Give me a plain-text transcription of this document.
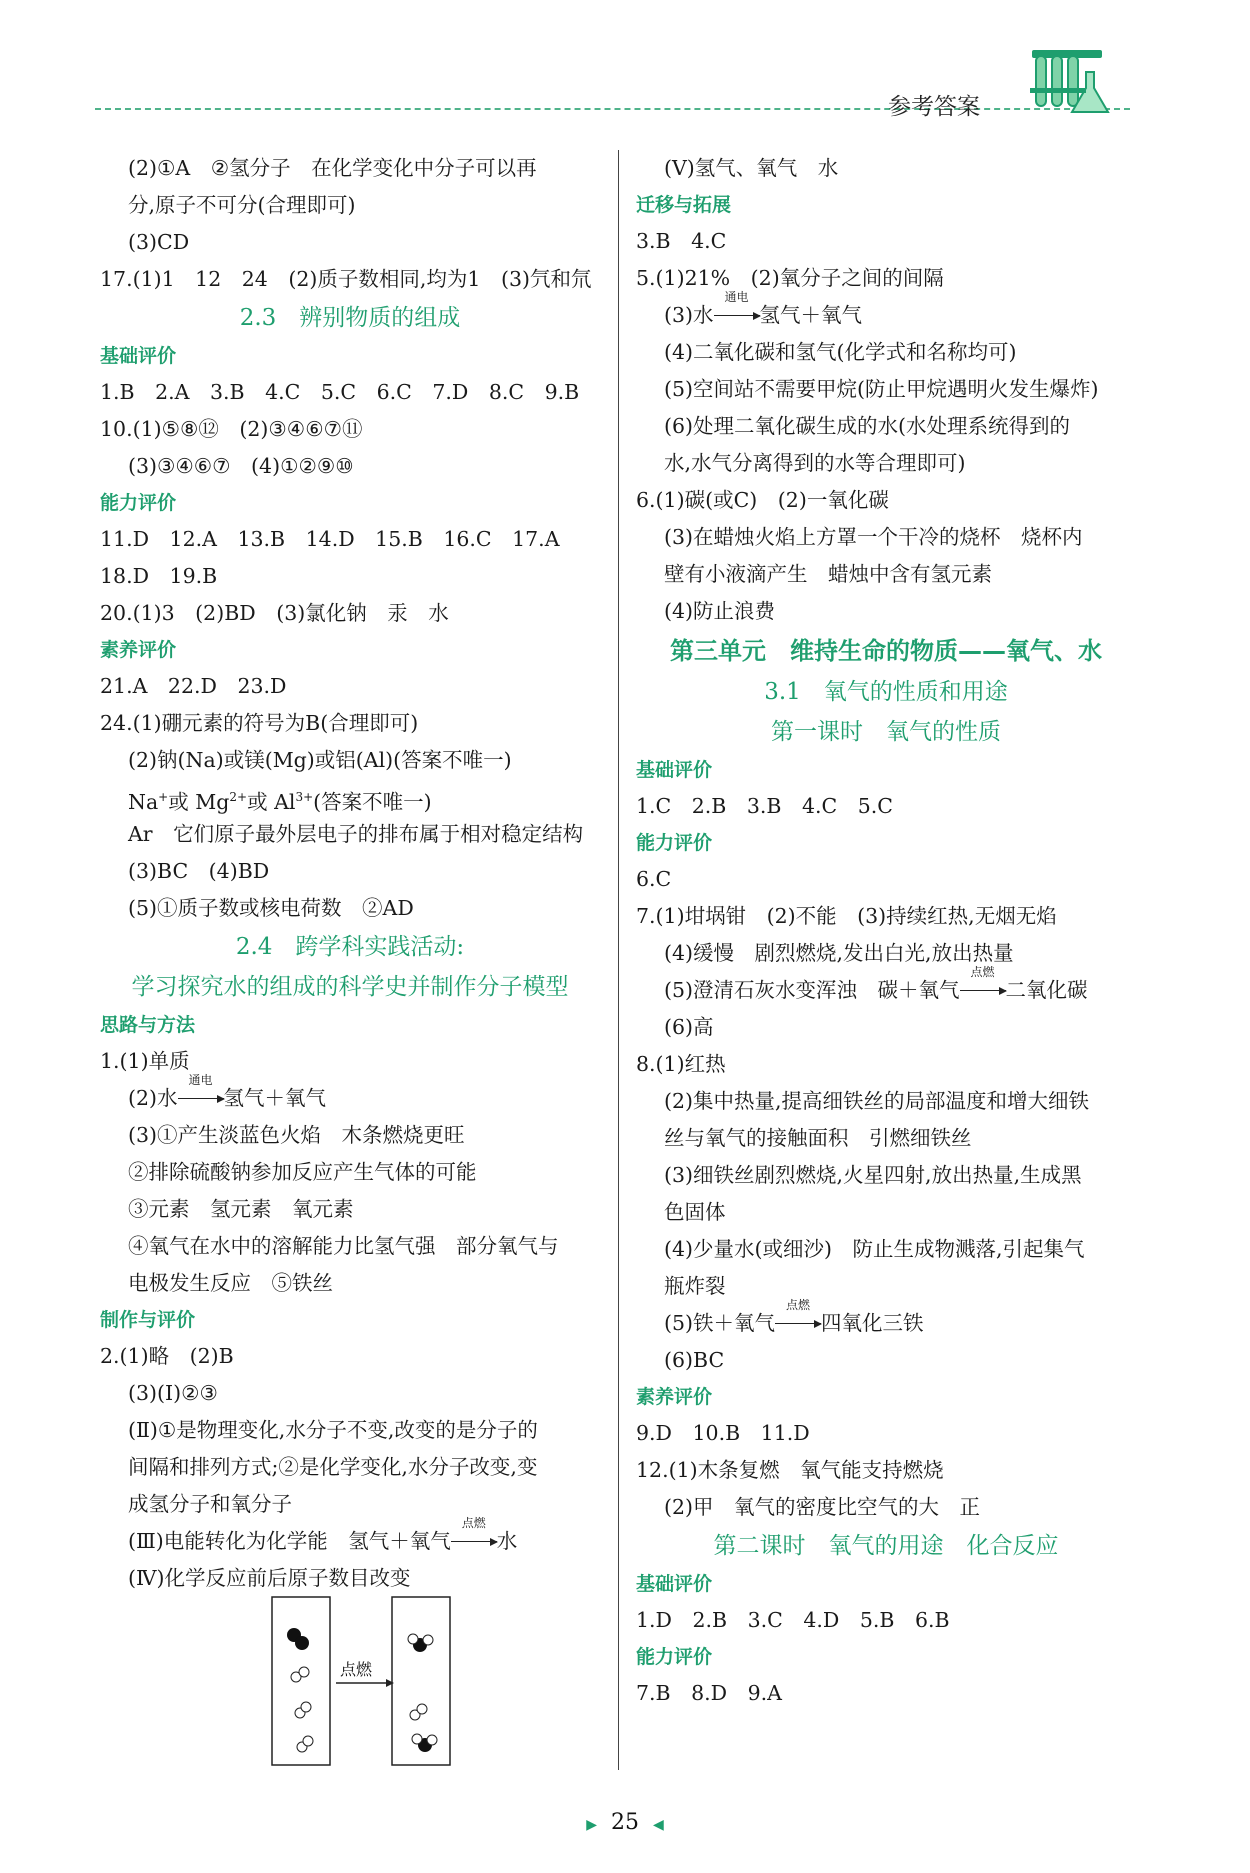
参考答案
(2)①A　②氢分子　在化学变化中分子可以再
分,原子不可分(合理即可)
(3)CD
17.(1)1　12　24　(2)质子数相同,均为1　(3)氕和氘
2.3　辨别物质的组成
基础评价
1.B　2.A　3.B　4.C　5.C　6.C　7.D　8.C　9.B
10.(1)⑤⑧⑫　(2)③④⑥⑦⑪
(3)③④⑥⑦　(4)①②⑨⑩
能力评价
11.D　12.A　13.B　14.D　15.B　16.C　17.A
18.D　19.B
20.(1)3　(2)BD　(3)氯化钠　汞　水
素养评价
21.A　22.D　23.D
24.(1)硼元素的符号为B(合理即可)
(2)钠(Na)或镁(Mg)或铝(Al)(答案不唯一)
Na+或 $Mg^{2+}$或 $Al^{3+}$(答案不唯一)
Ar　它们原子最外层电子的排布属于相对稳定结构
(3)BC　(4)BD
(5)①质子数或核电荷数　②AD
2.4　跨学科实践活动:
学习探究水的组成的科学史并制作分子模型
思路与方法
1.(1)单质
(2)水
通电
氢气＋氧气
(3)①产生淡蓝色火焰　木条燃烧更旺
②排除硫酸钠参加反应产生气体的可能
③元素　氢元素　氧元素
④氧气在水中的溶解能力比氢气强　部分氧气与
电极发生反应　⑤铁丝
制作与评价
2.(1)略　(2)B
(3)(Ⅰ)②③
(Ⅱ)①是物理变化,水分子不变,改变的是分子的
间隔和排列方式;②是化学变化,水分子改变,变
成氢分子和氧分子
(Ⅲ)电能转化为化学能　氢气＋氧气
点燃
水
(Ⅳ)化学反应前后原子数目改变
(Ⅴ)氢气、氧气　水
迁移与拓展
3.B　4.C
5.(1)21%　(2)氧分子之间的间隔
(3)水
通电
氢气＋氧气
(4)二氧化碳和氢气(化学式和名称均可)
(5)空间站不需要甲烷(防止甲烷遇明火发生爆炸)
(6)处理二氧化碳生成的水(水处理系统得到的
水,水气分离得到的水等合理即可)
6.(1)碳(或C)　(2)一氧化碳
(3)在蜡烛火焰上方罩一个干冷的烧杯　烧杯内
壁有小液滴产生　蜡烛中含有氢元素
(4)防止浪费
第三单元　维持生命的物质——氧气、水
3.1　氧气的性质和用途
第一课时　氧气的性质
基础评价
1.C　2.B　3.B　4.C　5.C
能力评价
6.C
7.(1)坩埚钳　(2)不能　(3)持续红热,无烟无焰
(4)缓慢　剧烈燃烧,发出白光,放出热量
(5)澄清石灰水变浑浊　碳＋氧气
点燃
二氧化碳
(6)高
8.(1)红热
(2)集中热量,提高细铁丝的局部温度和增大细铁
丝与氧气的接触面积　引燃细铁丝
(3)细铁丝剧烈燃烧,火星四射,放出热量,生成黑
色固体
(4)少量水(或细沙)　防止生成物溅落,引起集气
瓶炸裂
(5)铁＋氧气
点燃
四氧化三铁
(6)BC
素养评价
9.D　10.B　11.D
12.(1)木条复燃　氧气能支持燃烧
(2)甲　氧气的密度比空气的大　正
第二课时　氧气的用途　化合反应
基础评价
1.D　2.B　3.C　4.D　5.B　6.B
能力评价
7.B　8.D　9.A
点燃
▶ 25 ◀
